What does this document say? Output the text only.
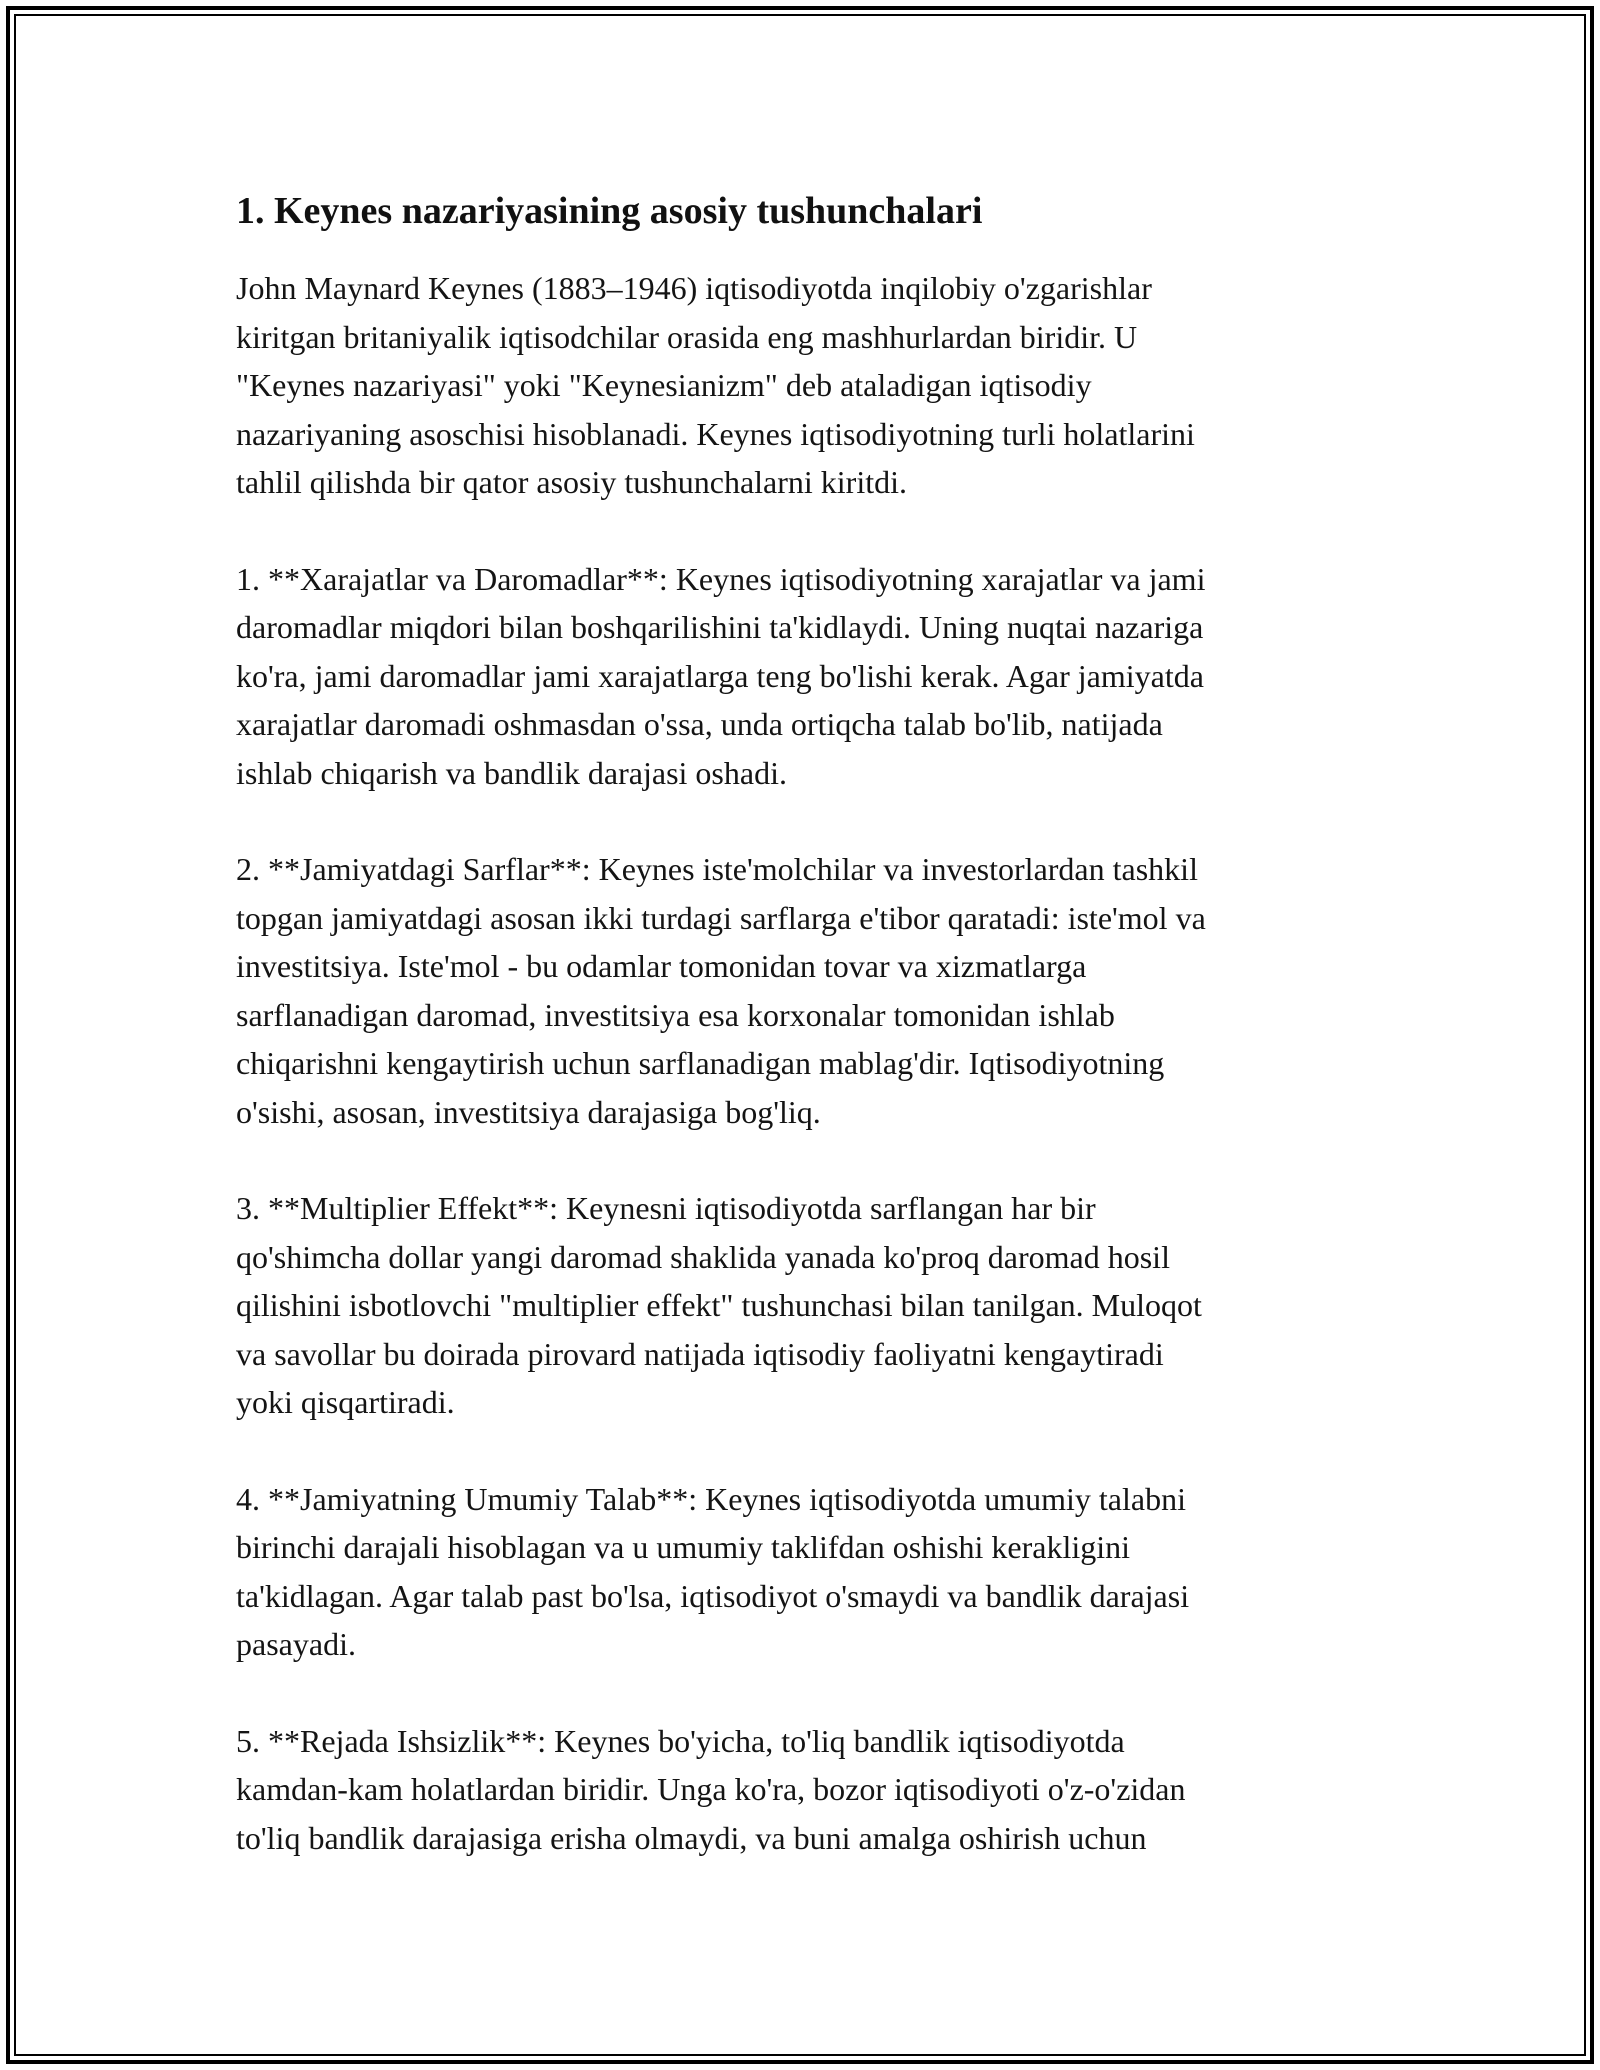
1. Keynes nazariyasining asosiy tushunchalari

John Maynard Keynes (1883–1946) iqtisodiyotda inqilobiy o'zgarishlar
kiritgan britaniyalik iqtisodchilar orasida eng mashhurlardan biridir. U
"Keynes nazariyasi" yoki "Keynesianizm" deb ataladigan iqtisodiy
nazariyaning asoschisi hisoblanadi. Keynes iqtisodiyotning turli holatlarini
tahlil qilishda bir qator asosiy tushunchalarni kiritdi.

1. **Xarajatlar va Daromadlar**: Keynes iqtisodiyotning xarajatlar va jami
daromadlar miqdori bilan boshqarilishini ta'kidlaydi. Uning nuqtai nazariga
ko'ra, jami daromadlar jami xarajatlarga teng bo'lishi kerak. Agar jamiyatda
xarajatlar daromadi oshmasdan o'ssa, unda ortiqcha talab bo'lib, natijada
ishlab chiqarish va bandlik darajasi oshadi.

2. **Jamiyatdagi Sarflar**: Keynes iste'molchilar va investorlardan tashkil
topgan jamiyatdagi asosan ikki turdagi sarflarga e'tibor qaratadi: iste'mol va
investitsiya. Iste'mol - bu odamlar tomonidan tovar va xizmatlarga
sarflanadigan daromad, investitsiya esa korxonalar tomonidan ishlab
chiqarishni kengaytirish uchun sarflanadigan mablag'dir. Iqtisodiyotning
o'sishi, asosan, investitsiya darajasiga bog'liq.

3. **Multiplier Effekt**: Keynesni iqtisodiyotda sarflangan har bir
qo'shimcha dollar yangi daromad shaklida yanada ko'proq daromad hosil
qilishini isbotlovchi "multiplier effekt" tushunchasi bilan tanilgan. Muloqot
va savollar bu doirada pirovard natijada iqtisodiy faoliyatni kengaytiradi
yoki qisqartiradi.

4. **Jamiyatning Umumiy Talab**: Keynes iqtisodiyotda umumiy talabni
birinchi darajali hisoblagan va u umumiy taklifdan oshishi kerakligini
ta'kidlagan. Agar talab past bo'lsa, iqtisodiyot o'smaydi va bandlik darajasi
pasayadi.

5. **Rejada Ishsizlik**: Keynes bo'yicha, to'liq bandlik iqtisodiyotda
kamdan-kam holatlardan biridir. Unga ko'ra, bozor iqtisodiyoti o'z-o'zidan
to'liq bandlik darajasiga erisha olmaydi, va buni amalga oshirish uchun
